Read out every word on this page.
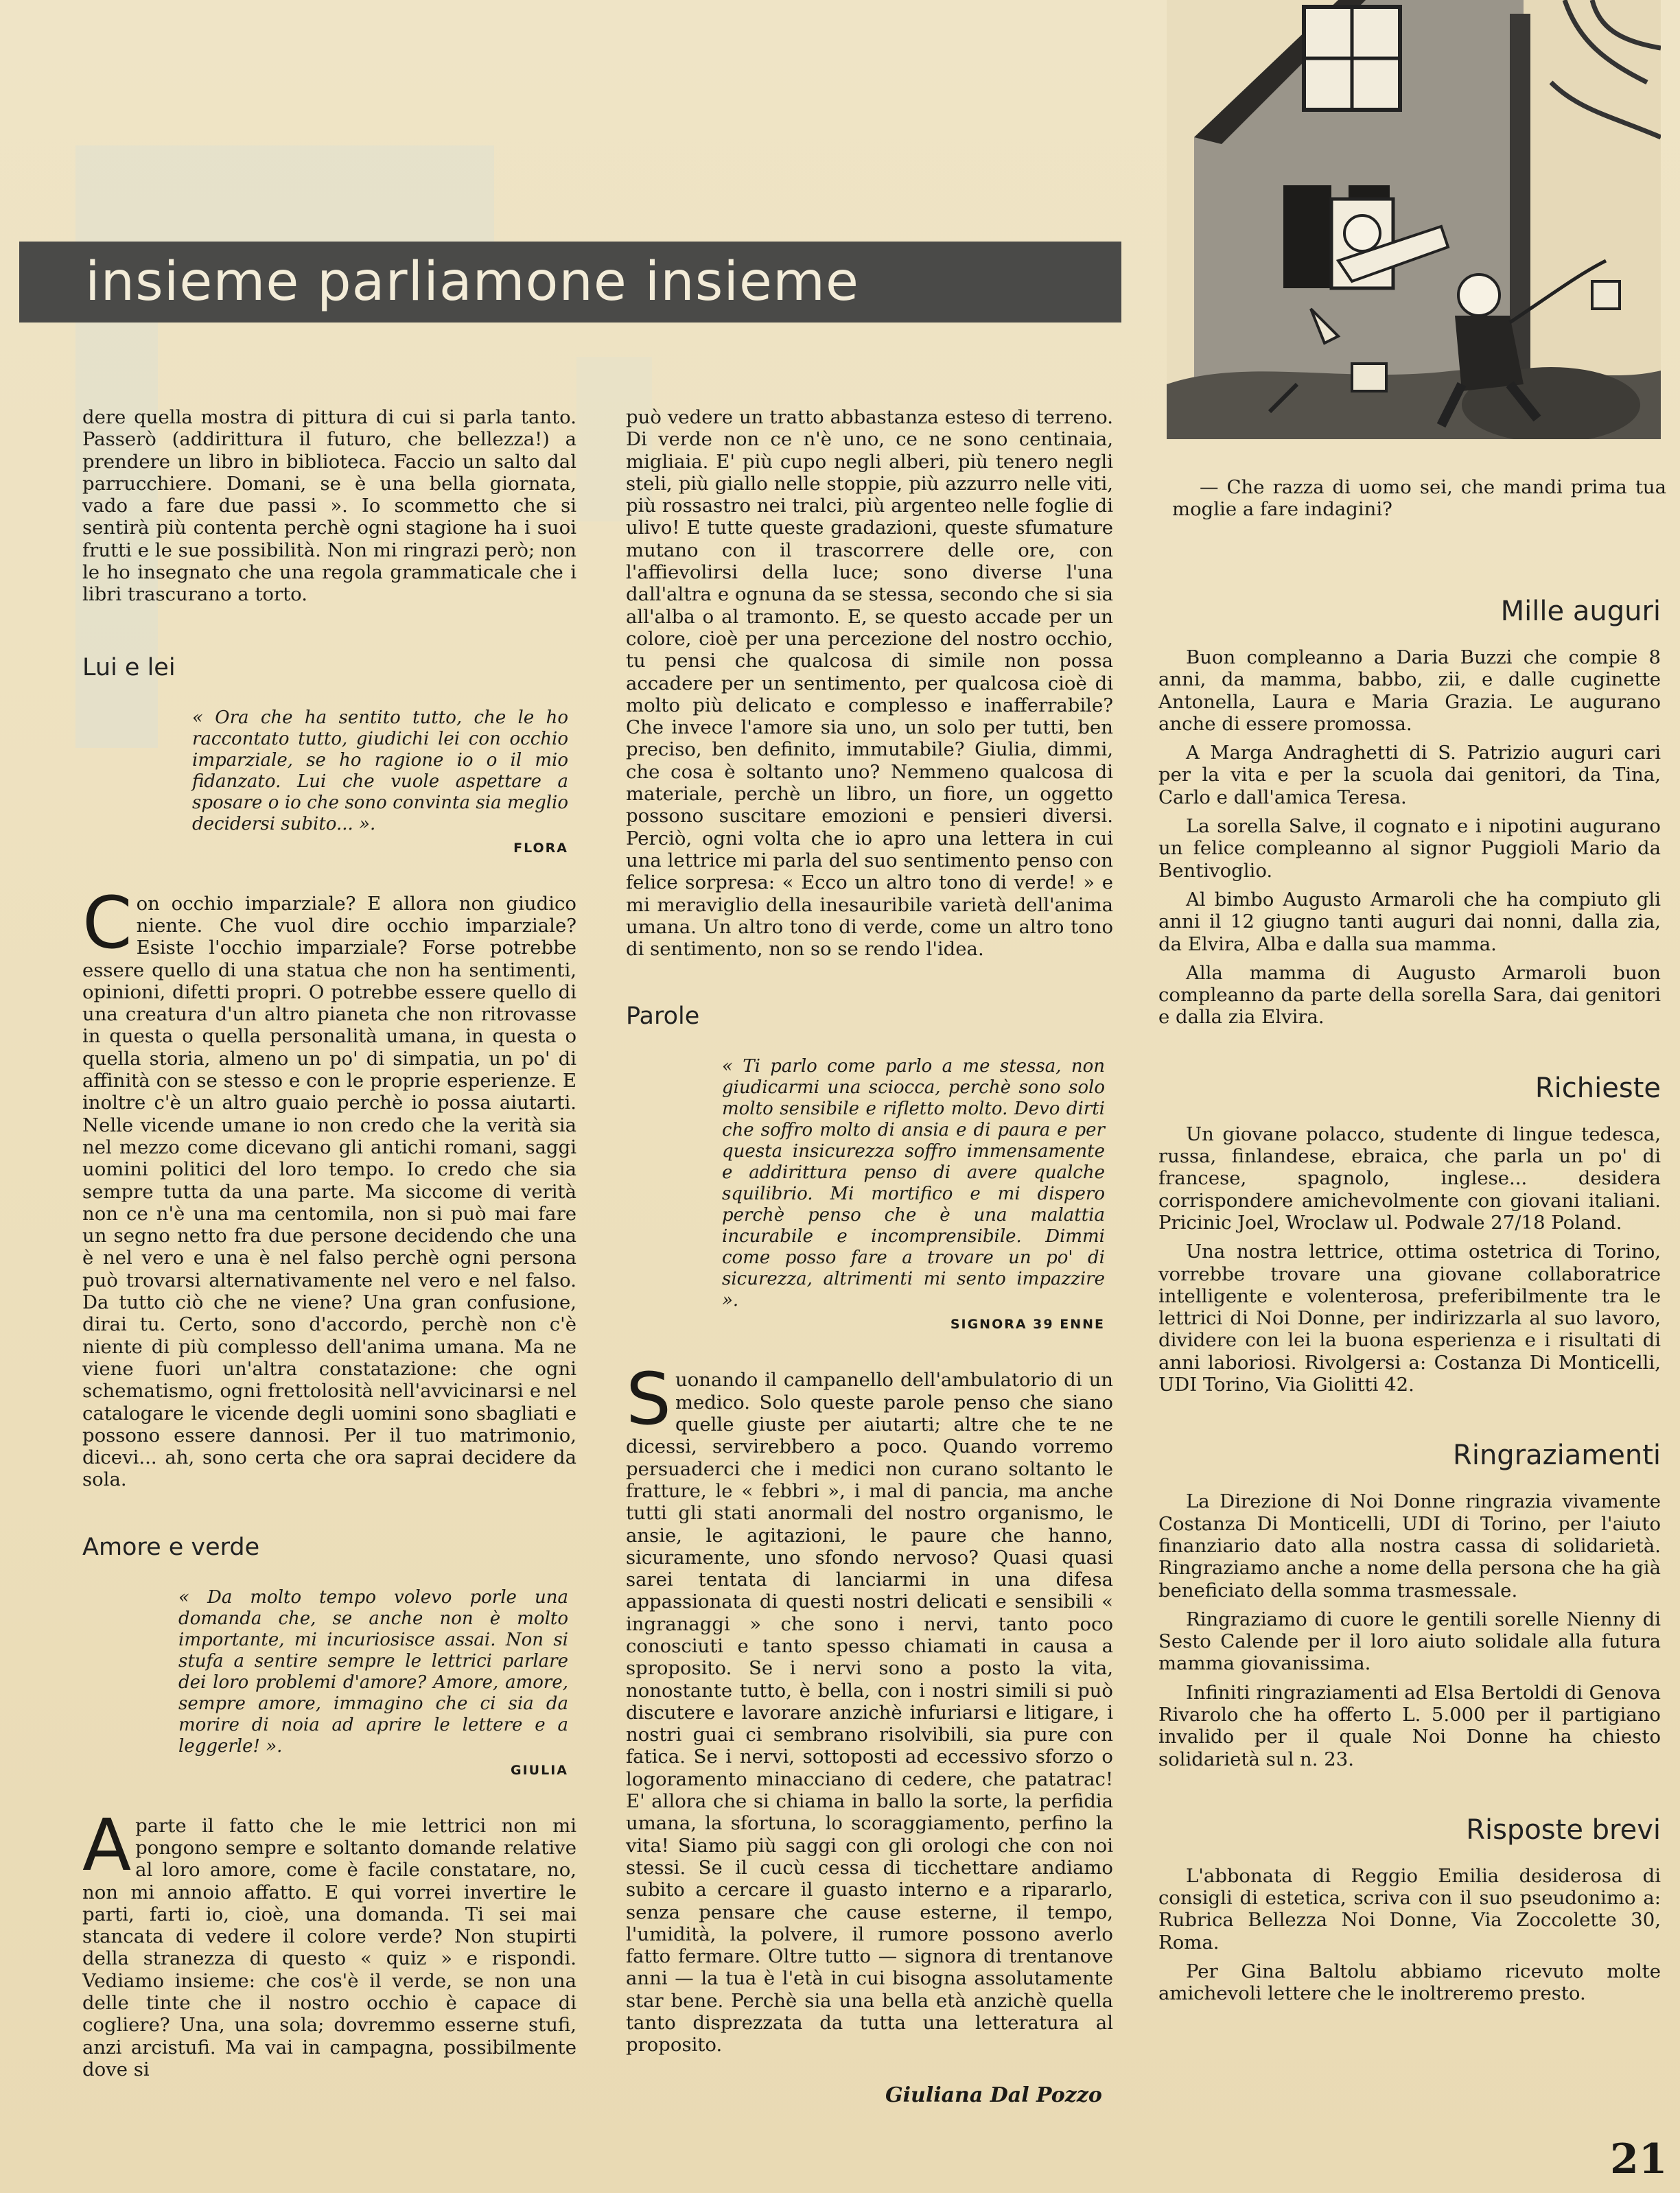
— Che razza di uomo sei, che mandi prima tua moglie a fare indagini?

insieme parliamone insieme

dere quella mostra di pittura di cui si parla tanto. Passerò (addirittura il futuro, che bellezza!) a prendere un libro in biblioteca. Faccio un salto dal parrucchiere. Domani, se è una bella giornata, vado a fare due passi ». Io scommetto che si sentirà più contenta perchè ogni stagione ha i suoi frutti e le sue possibilità. Non mi ringrazi però; non le ho insegnato che una regola grammaticale che i libri trascurano a torto.

Lui e lei
« Ora che ha sentito tutto, che le ho raccontato tutto, giudichi lei con occhio imparziale, se ho ragione io o il mio fidanzato. Lui che vuole aspettare a sposare o io che sono convinta sia meglio decidersi subito... ».
FLORA
C on occhio imparziale? E allora non giudico niente. Che vuol dire occhio imparziale? Esiste l'occhio imparziale? Forse potrebbe essere quello di una statua che non ha sentimenti, opinioni, difetti propri. O potrebbe essere quello di una creatura d'un altro pianeta che non ritrovasse in questa o quella personalità umana, in questa o quella storia, almeno un po' di simpatia, un po' di affinità con se stesso e con le proprie esperienze. E inoltre c'è un altro guaio perchè io possa aiutarti. Nelle vicende umane io non credo che la verità sia nel mezzo come dicevano gli antichi romani, saggi uomini politici del loro tempo. Io credo che sia sempre tutta da una parte. Ma siccome di verità non ce n'è una ma centomila, non si può mai fare un segno netto fra due persone decidendo che una è nel vero e una è nel falso perchè ogni persona può trovarsi alternativamente nel vero e nel falso. Da tutto ciò che ne viene? Una gran confusione, dirai tu. Certo, sono d'accordo, perchè non c'è niente di più complesso dell'anima umana. Ma ne viene fuori un'altra constatazione: che ogni schematismo, ogni frettolosità nell'avvicinarsi e nel catalogare le vicende degli uomini sono sbagliati e possono essere dannosi. Per il tuo matrimonio, dicevi... ah, sono certa che ora saprai decidere da sola.

Amore e verde
« Da molto tempo volevo porle una domanda che, se anche non è molto importante, mi incuriosisce assai. Non si stufa a sentire sempre le lettrici parlare dei loro problemi d'amore? Amore, amore, sempre amore, immagino che ci sia da morire di noia ad aprire le lettere e a leggerle! ».
GIULIA
A parte il fatto che le mie lettrici non mi pongono sempre e soltanto domande relative al loro amore, come è facile constatare, no, non mi annoio affatto. E qui vorrei invertire le parti, farti io, cioè, una domanda. Ti sei mai stancata di vedere il colore verde? Non stupirti della stranezza di questo « quiz » e rispondi. Vediamo insieme: che cos'è il verde, se non una delle tinte che il nostro occhio è capace di cogliere? Una, una sola; dovremmo esserne stufi, anzi arcistufi. Ma vai in campagna, possibilmente dove si

può vedere un tratto abbastanza esteso di terreno. Di verde non ce n'è uno, ce ne sono centinaia, migliaia. E' più cupo negli alberi, più tenero negli steli, più giallo nelle stoppie, più azzurro nelle viti, più rossastro nei tralci, più argenteo nelle foglie di ulivo! E tutte queste gradazioni, queste sfumature mutano con il trascorrere delle ore, con l'affievolirsi della luce; sono diverse l'una dall'altra e ognuna da se stessa, secondo che si sia all'alba o al tramonto. E, se questo accade per un colore, cioè per una percezione del nostro occhio, tu pensi che qualcosa di simile non possa accadere per un sentimento, per qualcosa cioè di molto più delicato e complesso e inafferrabile? Che invece l'amore sia uno, un solo per tutti, ben preciso, ben definito, immutabile? Giulia, dimmi, che cosa è soltanto uno? Nemmeno qualcosa di materiale, perchè un libro, un fiore, un oggetto possono suscitare emozioni e pensieri diversi. Perciò, ogni volta che io apro una lettera in cui una lettrice mi parla del suo sentimento penso con felice sorpresa: « Ecco un altro tono di verde! » e mi meraviglio della inesauribile varietà dell'anima umana. Un altro tono di verde, come un altro tono di sentimento, non so se rendo l'idea.

Parole
« Ti parlo come parlo a me stessa, non giudicarmi una sciocca, perchè sono solo molto sensibile e rifletto molto. Devo dirti che soffro molto di ansia e di paura e per questa insicurezza soffro immensamente e addirittura penso di avere qualche squilibrio. Mi mortifico e mi dispero perchè penso che è una malattia incurabile e incomprensibile. Dimmi come posso fare a trovare un po' di sicurezza, altrimenti mi sento impazzire ».
SIGNORA 39 ENNE
S uonando il campanello dell'ambulatorio di un medico. Solo queste parole penso che siano quelle giuste per aiutarti; altre che te ne dicessi, servirebbero a poco. Quando vorremo persuaderci che i medici non curano soltanto le fratture, le « febbri », i mal di pancia, ma anche tutti gli stati anormali del nostro organismo, le ansie, le agitazioni, le paure che hanno, sicuramente, uno sfondo nervoso? Quasi quasi sarei tentata di lanciarmi in una difesa appassionata di questi nostri delicati e sensibili « ingranaggi » che sono i nervi, tanto poco conosciuti e tanto spesso chiamati in causa a sproposito. Se i nervi sono a posto la vita, nonostante tutto, è bella, con i nostri simili si può discutere e lavorare anzichè infuriarsi e litigare, i nostri guai ci sembrano risolvibili, sia pure con fatica. Se i nervi, sottoposti ad eccessivo sforzo o logoramento minacciano di cedere, che patatrac! E' allora che si chiama in ballo la sorte, la perfidia umana, la sfortuna, lo scoraggiamento, perfino la vita! Siamo più saggi con gli orologi che con noi stessi. Se il cucù cessa di ticchettare andiamo subito a cercare il guasto interno e a ripararlo, senza pensare che cause esterne, il tempo, l'umidità, la polvere, il rumore possono averlo fatto fermare. Oltre tutto — signora di trentanove anni — la tua è l'età in cui bisogna assolutamente star bene. Perchè sia una bella età anzichè quella tanto disprezzata da tutta una letteratura al proposito.

Giuliana Dal Pozzo
Mille auguri

Buon compleanno a Daria Buzzi che compie 8 anni, da mamma, babbo, zii, e dalle cuginette Antonella, Laura e Maria Grazia. Le augurano anche di essere promossa.

A Marga Andraghetti di S. Patrizio auguri cari per la vita e per la scuola dai genitori, da Tina, Carlo e dall'amica Teresa.

La sorella Salve, il cognato e i nipotini augurano un felice compleanno al signor Puggioli Mario da Bentivoglio.

Al bimbo Augusto Armaroli che ha compiuto gli anni il 12 giugno tanti auguri dai nonni, dalla zia, da Elvira, Alba e dalla sua mamma.

Alla mamma di Augusto Armaroli buon compleanno da parte della sorella Sara, dai genitori e dalla zia Elvira.

Richieste

Un giovane polacco, studente di lingue tedesca, russa, finlandese, ebraica, che parla un po' di francese, spagnolo, inglese... desidera corrispondere amichevolmente con giovani italiani. Pricinic Joel, Wroclaw ul. Podwale 27/18 Poland.

Una nostra lettrice, ottima ostetrica di Torino, vorrebbe trovare una giovane collaboratrice intelligente e volenterosa, preferibilmente tra le lettrici di Noi Donne, per indirizzarla al suo lavoro, dividere con lei la buona esperienza e i risultati di anni laboriosi. Rivolgersi a: Costanza Di Monticelli, UDI Torino, Via Giolitti 42.

Ringraziamenti

La Direzione di Noi Donne ringrazia vivamente Costanza Di Monticelli, UDI di Torino, per l'aiuto finanziario dato alla nostra cassa di solidarietà. Ringraziamo anche a nome della persona che ha già beneficiato della somma trasmessale.

Ringraziamo di cuore le gentili sorelle Nienny di Sesto Calende per il loro aiuto solidale alla futura mamma giovanissima.

Infiniti ringraziamenti ad Elsa Bertoldi di Genova Rivarolo che ha offerto L. 5.000 per il partigiano invalido per il quale Noi Donne ha chiesto solidarietà sul n. 23.

Risposte brevi

L'abbonata di Reggio Emilia desiderosa di consigli di estetica, scriva con il suo pseudonimo a: Rubrica Bellezza Noi Donne, Via Zoccolette 30, Roma.

Per Gina Baltolu abbiamo ricevuto molte amichevoli lettere che le inoltreremo presto.

21
